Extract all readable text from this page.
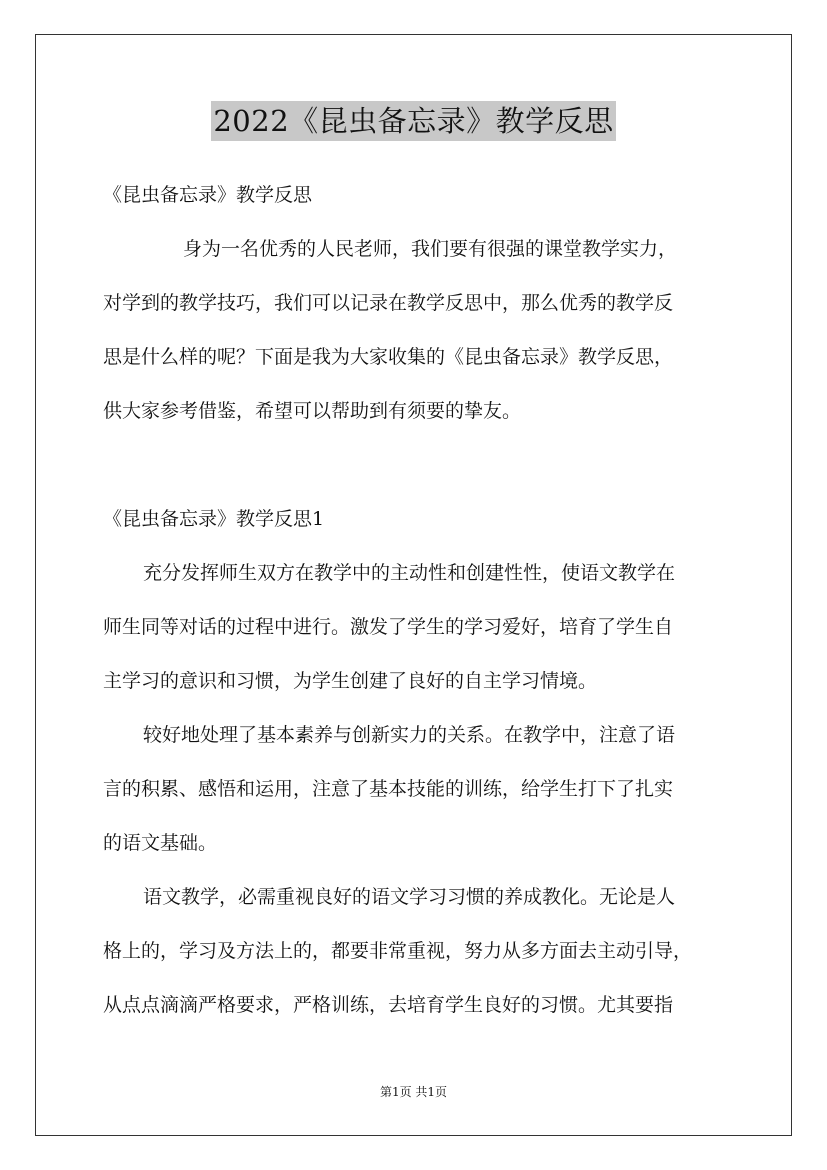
2022《昆虫备忘录》教学反思
《昆虫备忘录》教学反思
身为一名优秀的人民老师，我们要有很强的课堂教学实力，
对学到的教学技巧，我们可以记录在教学反思中，那么优秀的教学反
思是什么样的呢？下面是我为大家收集的《昆虫备忘录》教学反思，
供大家参考借鉴，希望可以帮助到有须要的挚友。
《昆虫备忘录》教学反思1
充分发挥师生双方在教学中的主动性和创建性性，使语文教学在
师生同等对话的过程中进行。激发了学生的学习爱好，培育了学生自
主学习的意识和习惯，为学生创建了良好的自主学习情境。
较好地处理了基本素养与创新实力的关系。在教学中，注意了语
言的积累、感悟和运用，注意了基本技能的训练，给学生打下了扎实
的语文基础。
语文教学，必需重视良好的语文学习习惯的养成教化。无论是人
格上的，学习及方法上的，都要非常重视，努力从多方面去主动引导，
从点点滴滴严格要求，严格训练，去培育学生良好的习惯。尤其要指
第1页 共1页
